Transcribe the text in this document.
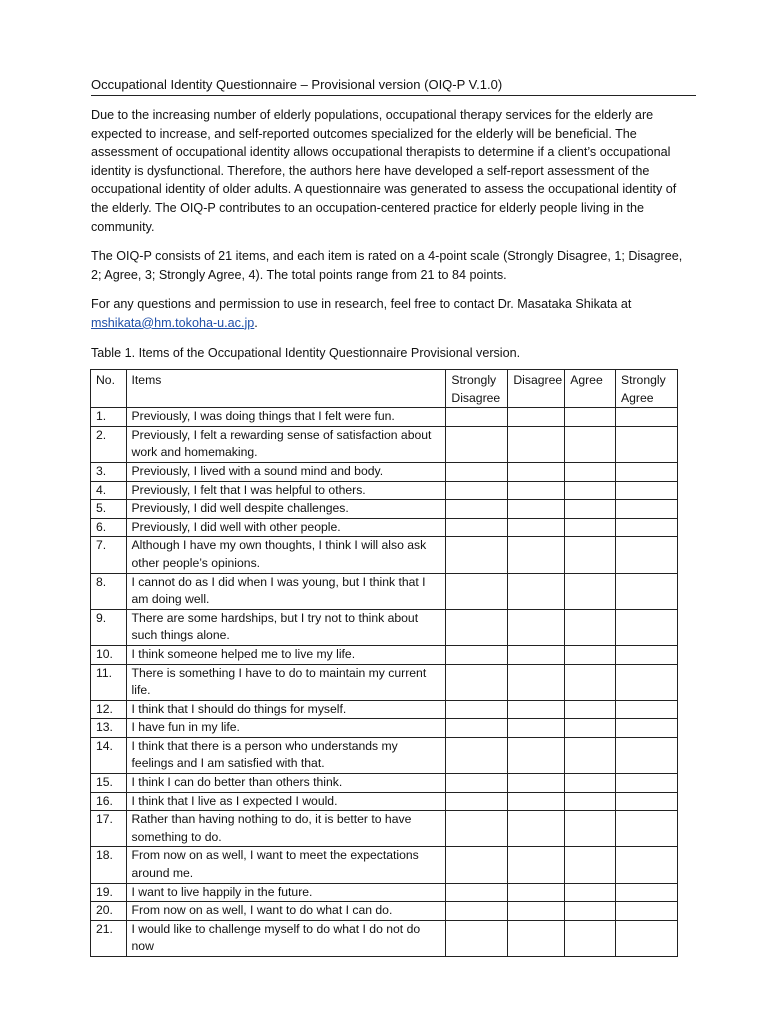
Occupational Identity Questionnaire – Provisional version (OIQ-P V.1.0)

Due to the increasing number of elderly populations, occupational therapy services for the elderly are expected to increase, and self-reported outcomes specialized for the elderly will be beneficial. The assessment of occupational identity allows occupational therapists to determine if a client’s occupational identity is dysfunctional. Therefore, the authors here have developed a self-report assessment of the occupational identity of older adults. A questionnaire was generated to assess the occupational identity of the elderly. The OIQ-P contributes to an occupation-centered practice for elderly people living in the community.

The OIQ-P consists of 21 items, and each item is rated on a 4-point scale (Strongly Disagree, 1; Disagree, 2; Agree, 3; Strongly Agree, 4). The total points range from 21 to 84 points.

For any questions and permission to use in research, feel free to contact Dr. Masataka Shikata at
mshikata@hm.tokoha-u.ac.jp.

Table 1. Items of the Occupational Identity Questionnaire Provisional version.

No.	Items	Strongly Disagree	Disagree	Agree	Strongly Agree
1.	Previously, I was doing things that I felt were fun.				
2.	Previously, I felt a rewarding sense of satisfaction about work and homemaking.				
3.	Previously, I lived with a sound mind and body.				
4.	Previously, I felt that I was helpful to others.				
5.	Previously, I did well despite challenges.				
6.	Previously, I did well with other people.				
7.	Although I have my own thoughts, I think I will also ask other people’s opinions.				
8.	I cannot do as I did when I was young, but I think that I am doing well.				
9.	There are some hardships, but I try not to think about such things alone.				
10.	I think someone helped me to live my life.				
11.	There is something I have to do to maintain my current life.				
12.	I think that I should do things for myself.				
13.	I have fun in my life.				
14.	I think that there is a person who understands my feelings and I am satisfied with that.				
15.	I think I can do better than others think.				
16.	I think that I live as I expected I would.				
17.	Rather than having nothing to do, it is better to have something to do.				
18.	From now on as well, I want to meet the expectations around me.				
19.	I want to live happily in the future.				
20.	From now on as well, I want to do what I can do.				
21.	I would like to challenge myself to do what I do not do now				
